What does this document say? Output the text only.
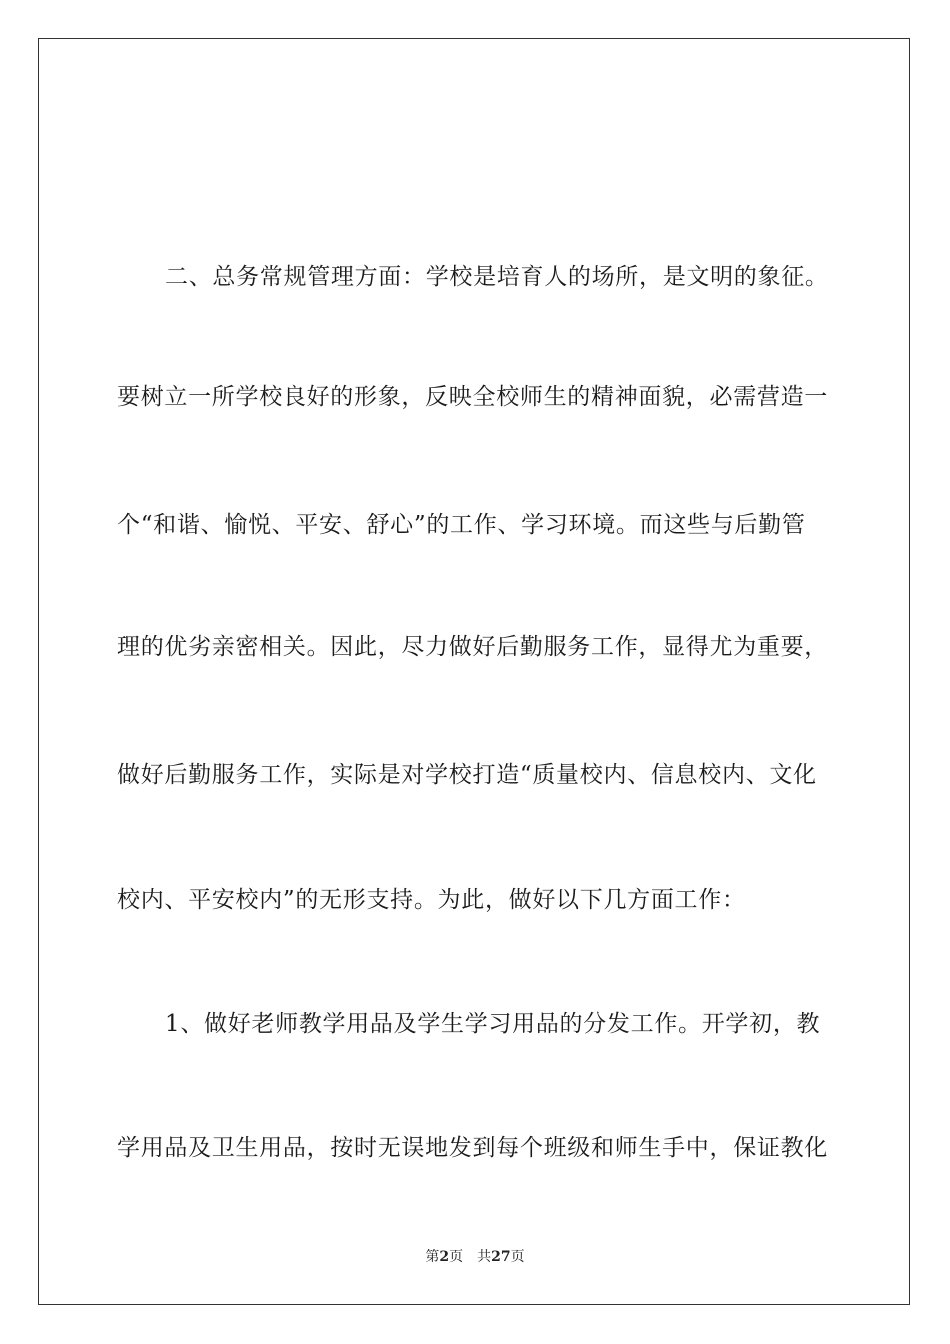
二、总务常规管理方面：学校是培育人的场所，是文明的象征。
要树立一所学校良好的形象，反映全校师生的精神面貌，必需营造一
个“和谐、愉悦、平安、舒心”的工作、学习环境。而这些与后勤管
理的优劣亲密相关。因此，尽力做好后勤服务工作，显得尤为重要，
做好后勤服务工作，实际是对学校打造“质量校内、信息校内、文化
校内、平安校内”的无形支持。为此，做好以下几方面工作：
1、做好老师教学用品及学生学习用品的分发工作。开学初，教
学用品及卫生用品，按时无误地发到每个班级和师生手中，保证教化
第2页 共27页
